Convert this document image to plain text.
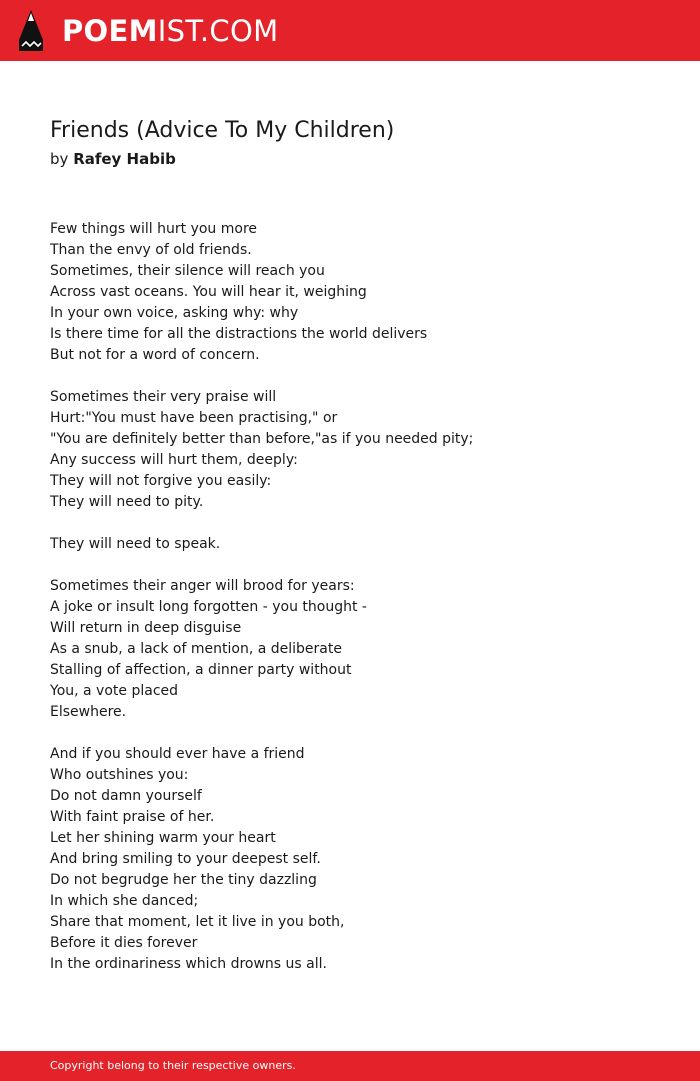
POEMIST.COM
Friends (Advice To My Children)
by Rafey Habib
Few things will hurt you more
Than the envy of old friends.
Sometimes, their silence will reach you
Across vast oceans. You will hear it, weighing
In your own voice, asking why: why
Is there time for all the distractions the world delivers
But not for a word of concern.
Sometimes their very praise will
Hurt:"You must have been practising," or
"You are definitely better than before,"as if you needed pity;
Any success will hurt them, deeply:
They will not forgive you easily:
They will need to pity.
They will need to speak.
Sometimes their anger will brood for years:
A joke or insult long forgotten - you thought -
Will return in deep disguise
As a snub, a lack of mention, a deliberate
Stalling of affection, a dinner party without
You, a vote placed
Elsewhere.
And if you should ever have a friend
Who outshines you:
Do not damn yourself
With faint praise of her.
Let her shining warm your heart
And bring smiling to your deepest self.
Do not begrudge her the tiny dazzling
In which she danced;
Share that moment, let it live in you both,
Before it dies forever
In the ordinariness which drowns us all.
Copyright belong to their respective owners.
